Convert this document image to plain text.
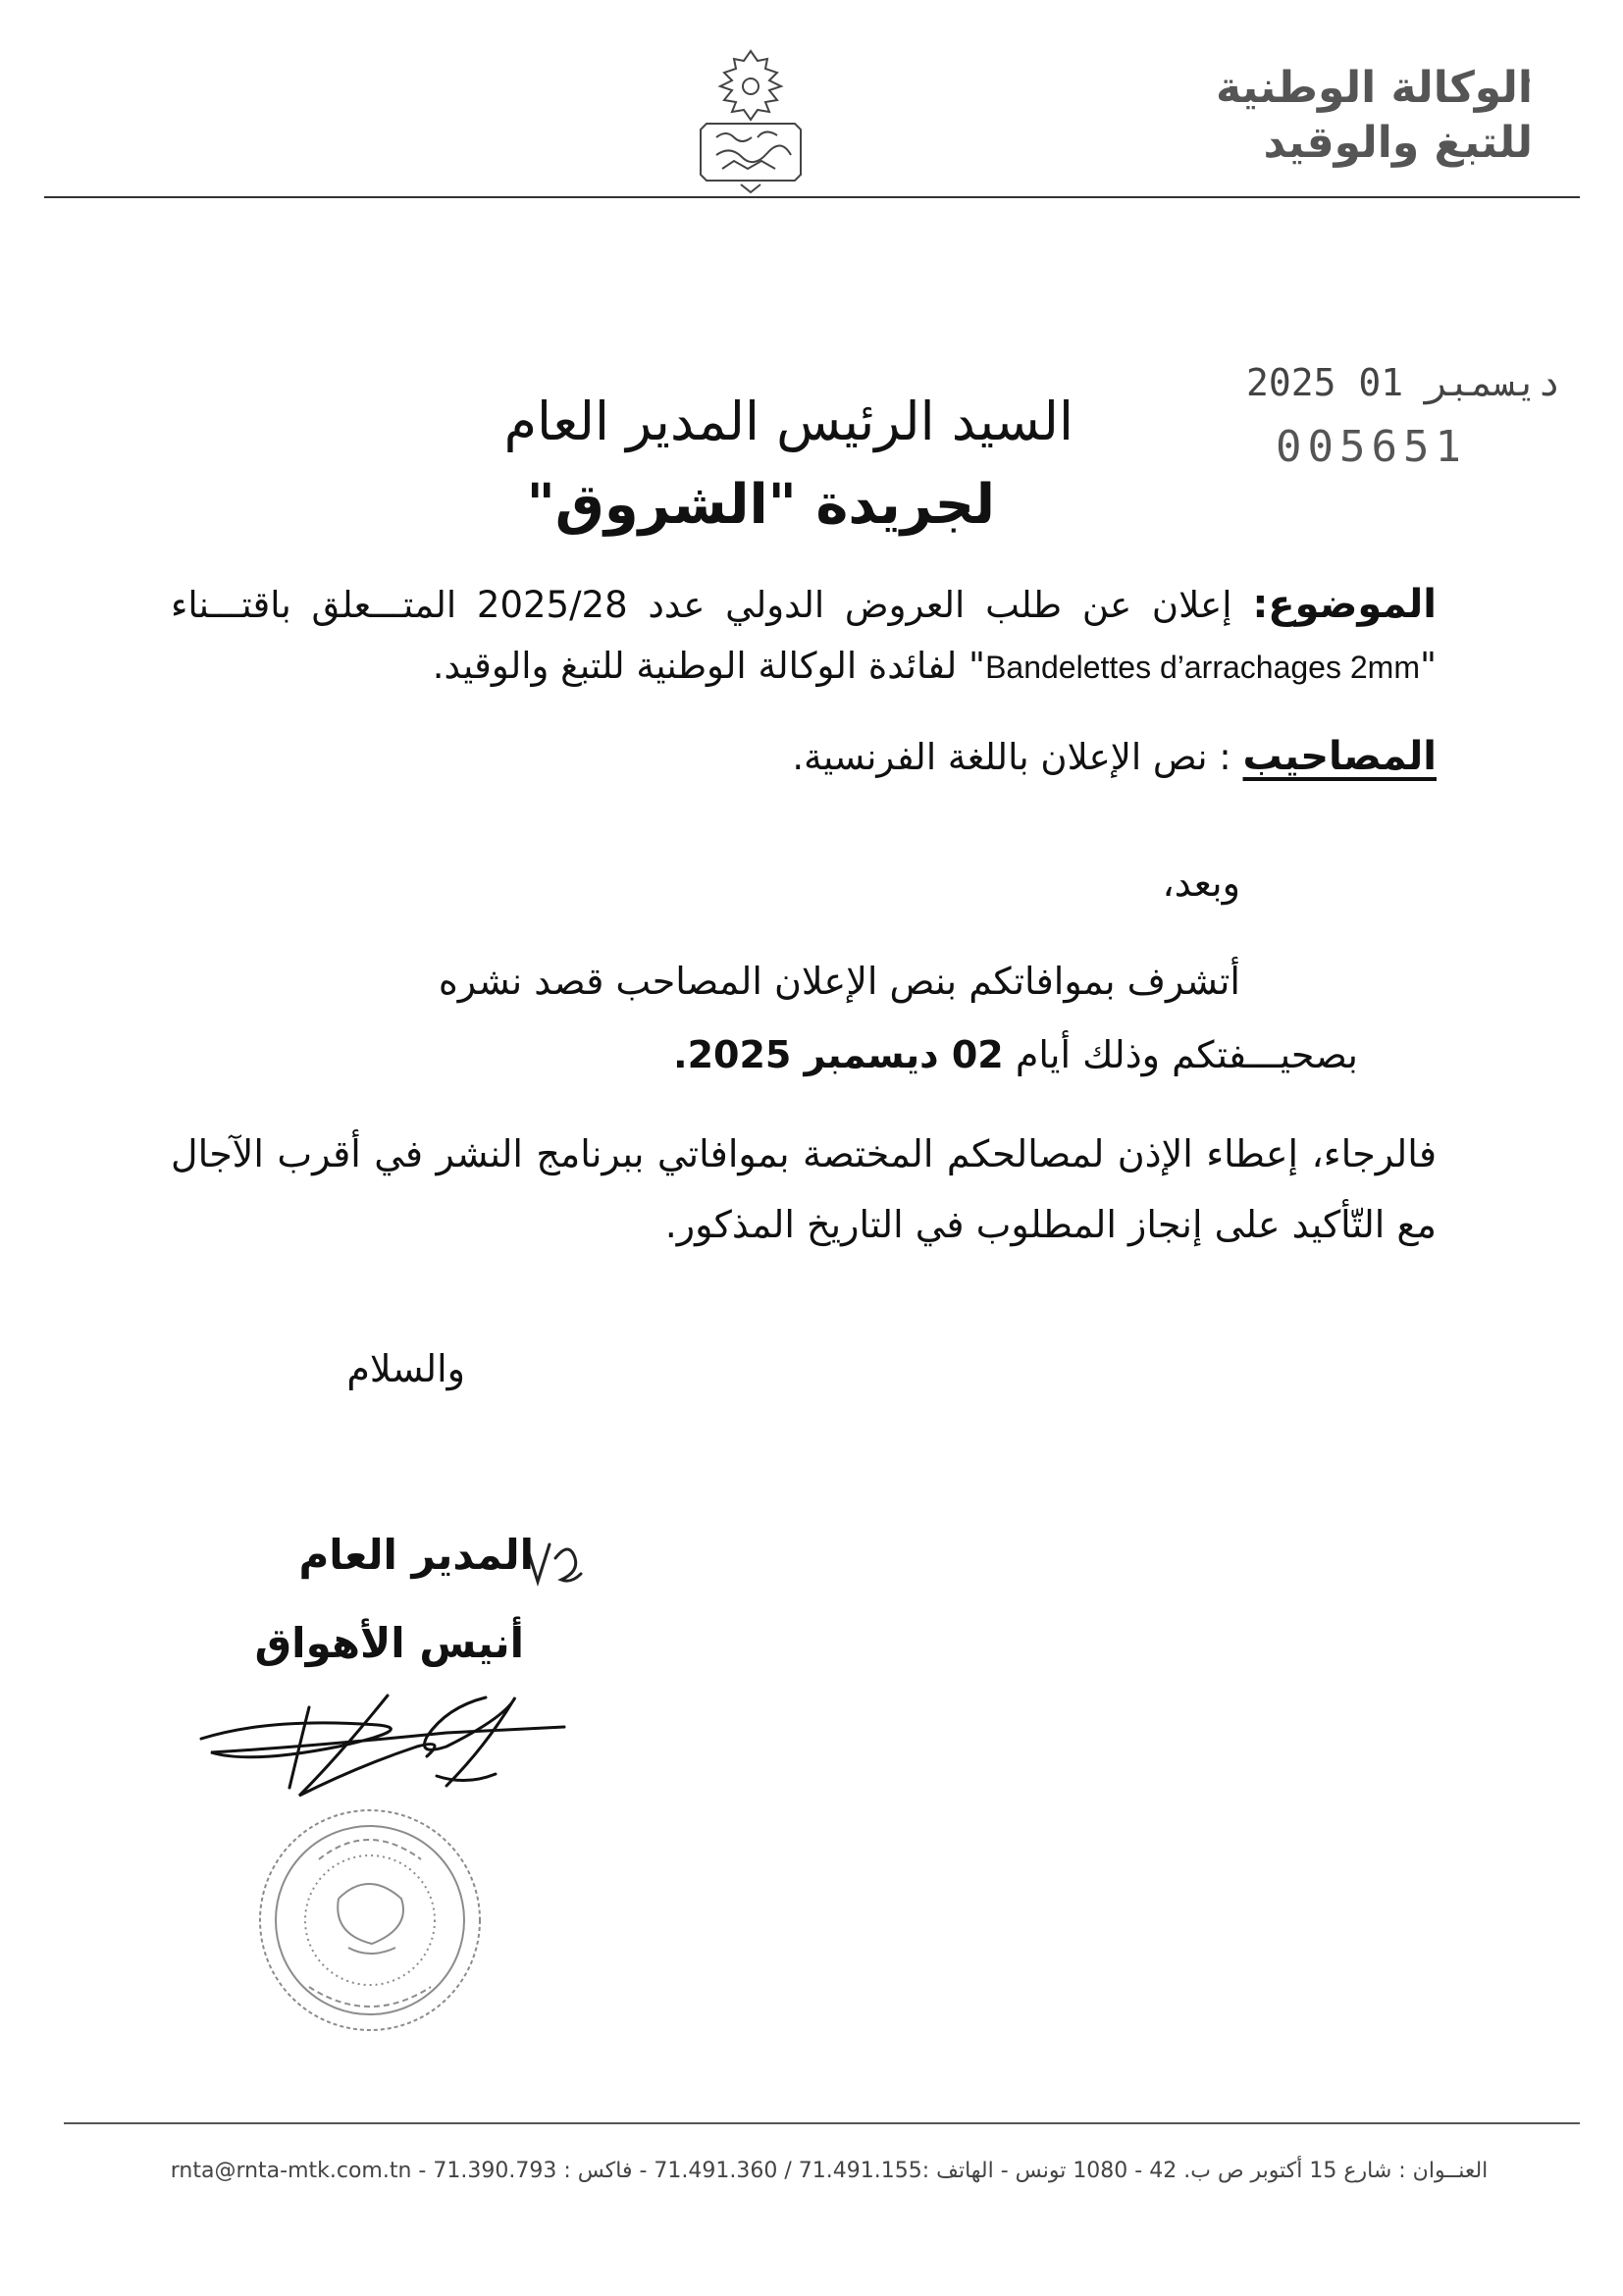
الوكالة الوطنية
للتبغ والوقيد
2025 ديسمبر 01
005651
السيد الرئيس المدير العام
لجريدة "الشروق"
الموضوع: إعلان عن طلب العروض الدولي عدد 2025/28 المتـــعلق باقتـــناء "Bandelettes d’arrachages 2mm" لفائدة الوكالة الوطنية للتبغ والوقيد.
المصاحيب : نص الإعلان باللغة الفرنسية.
وبعد،
أتشرف بموافاتكم بنص الإعلان المصاحب قصد نشره
بصحيـــفتكم وذلك أيام 02 ديسمبر 2025.
فالرجاء، إعطاء الإذن لمصالحكم المختصة بموافاتي ببرنامج النشر في أقرب الآجال مع التّأكيد على إنجاز المطلوب في التاريخ المذكور.
والسلام
المدير العام
أنيس الأهواق
العنــوان : شارع 15 أكتوبر ص ب. 42 - 1080 تونس - الهاتف :71.491.155 / 71.491.360 - فاكس : 71.390.793 - rnta@rnta-mtk.com.tn
